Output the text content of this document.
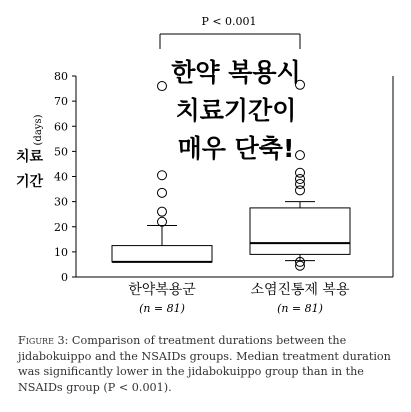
P < 0.001
0
10
20
30
40
50
60
70
80
(days)
치료
기간
한약복용군
(n = 81)
소염진통제 복용
(n = 81)
한약 복용시
치료기간이
매우 단축!
Figure 3: Comparison of treatment durations between the jidabokuippo and the NSAIDs groups. Median treatment duration was significantly lower in the jidabokuippo group than in the NSAIDs group (P < 0.001).
